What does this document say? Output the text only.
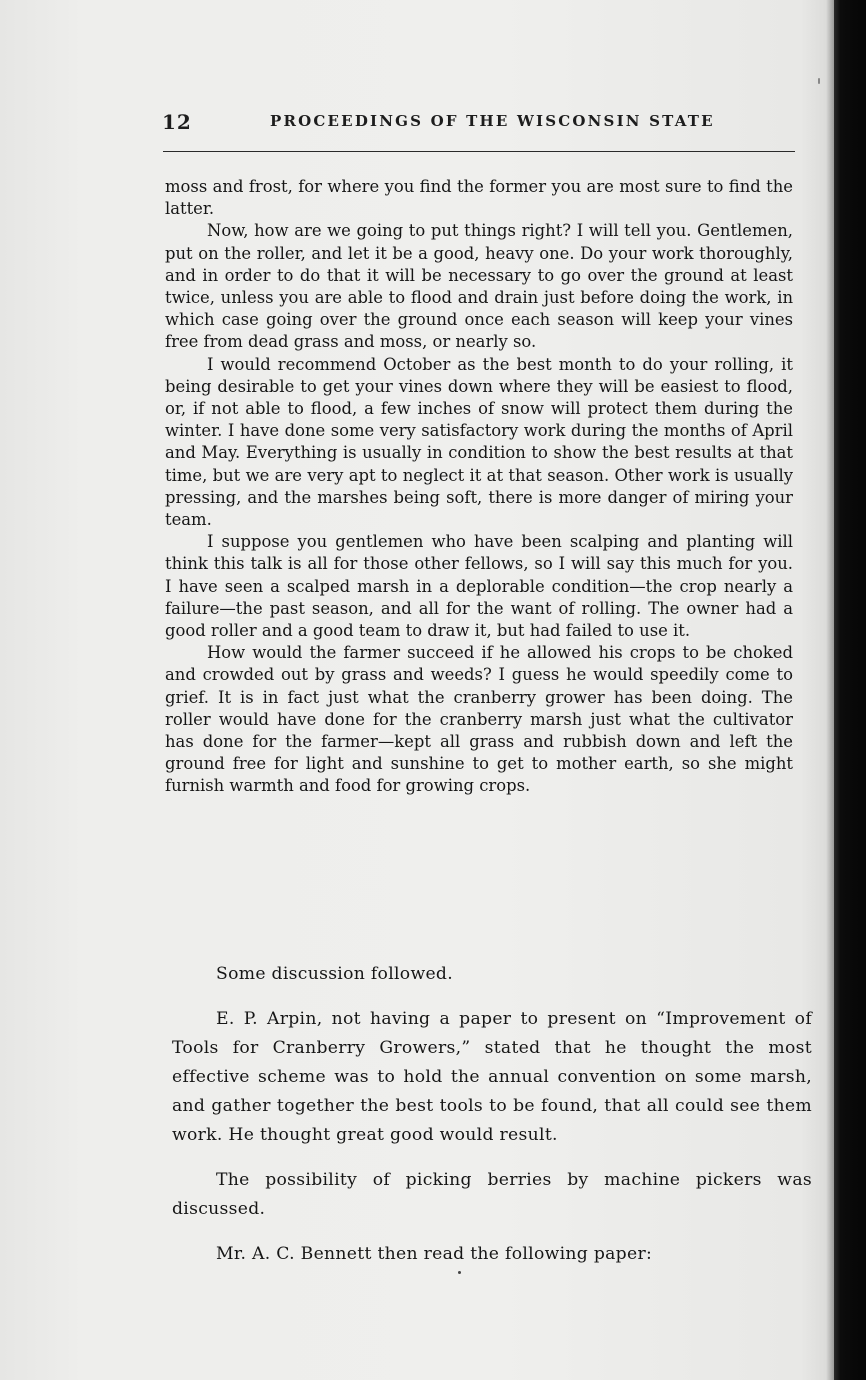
12	PROCEEDINGS OF THE WISCONSIN STATE

moss and frost, for where you find the former you are most sure to find the latter.

Now, how are we going to put things right? I will tell you. Gentlemen, put on the roller, and let it be a good, heavy one. Do your work thoroughly, and in order to do that it will be necessary to go over the ground at least twice, unless you are able to flood and drain just before doing the work, in which case going over the ground once each season will keep your vines free from dead grass and moss, or nearly so.

I would recommend October as the best month to do your rolling, it being desirable to get your vines down where they will be easiest to flood, or, if not able to flood, a few inches of snow will protect them during the winter. I have done some very satisfactory work during the months of April and May. Everything is usually in condition to show the best results at that time, but we are very apt to neglect it at that season. Other work is usually pressing, and the marshes being soft, there is more danger of miring your team.

I suppose you gentlemen who have been scalping and planting will think this talk is all for those other fellows, so I will say this much for you. I have seen a scalped marsh in a deplorable condition—the crop nearly a failure—the past season, and all for the want of rolling. The owner had a good roller and a good team to draw it, but had failed to use it.

How would the farmer succeed if he allowed his crops to be choked and crowded out by grass and weeds? I guess he would speedily come to grief. It is in fact just what the cranberry grower has been doing. The roller would have done for the cranberry marsh just what the cultivator has done for the farmer—kept all grass and rubbish down and left the ground free for light and sunshine to get to mother earth, so she might furnish warmth and food for growing crops.

Some discussion followed.

E. P. Arpin, not having a paper to present on “Improvement of Tools for Cranberry Growers,” stated that he thought the most effective scheme was to hold the annual convention on some marsh, and gather together the best tools to be found, that all could see them work. He thought great good would result.

The possibility of picking berries by machine pickers was discussed.

Mr. A. C. Bennett then read the following paper:
